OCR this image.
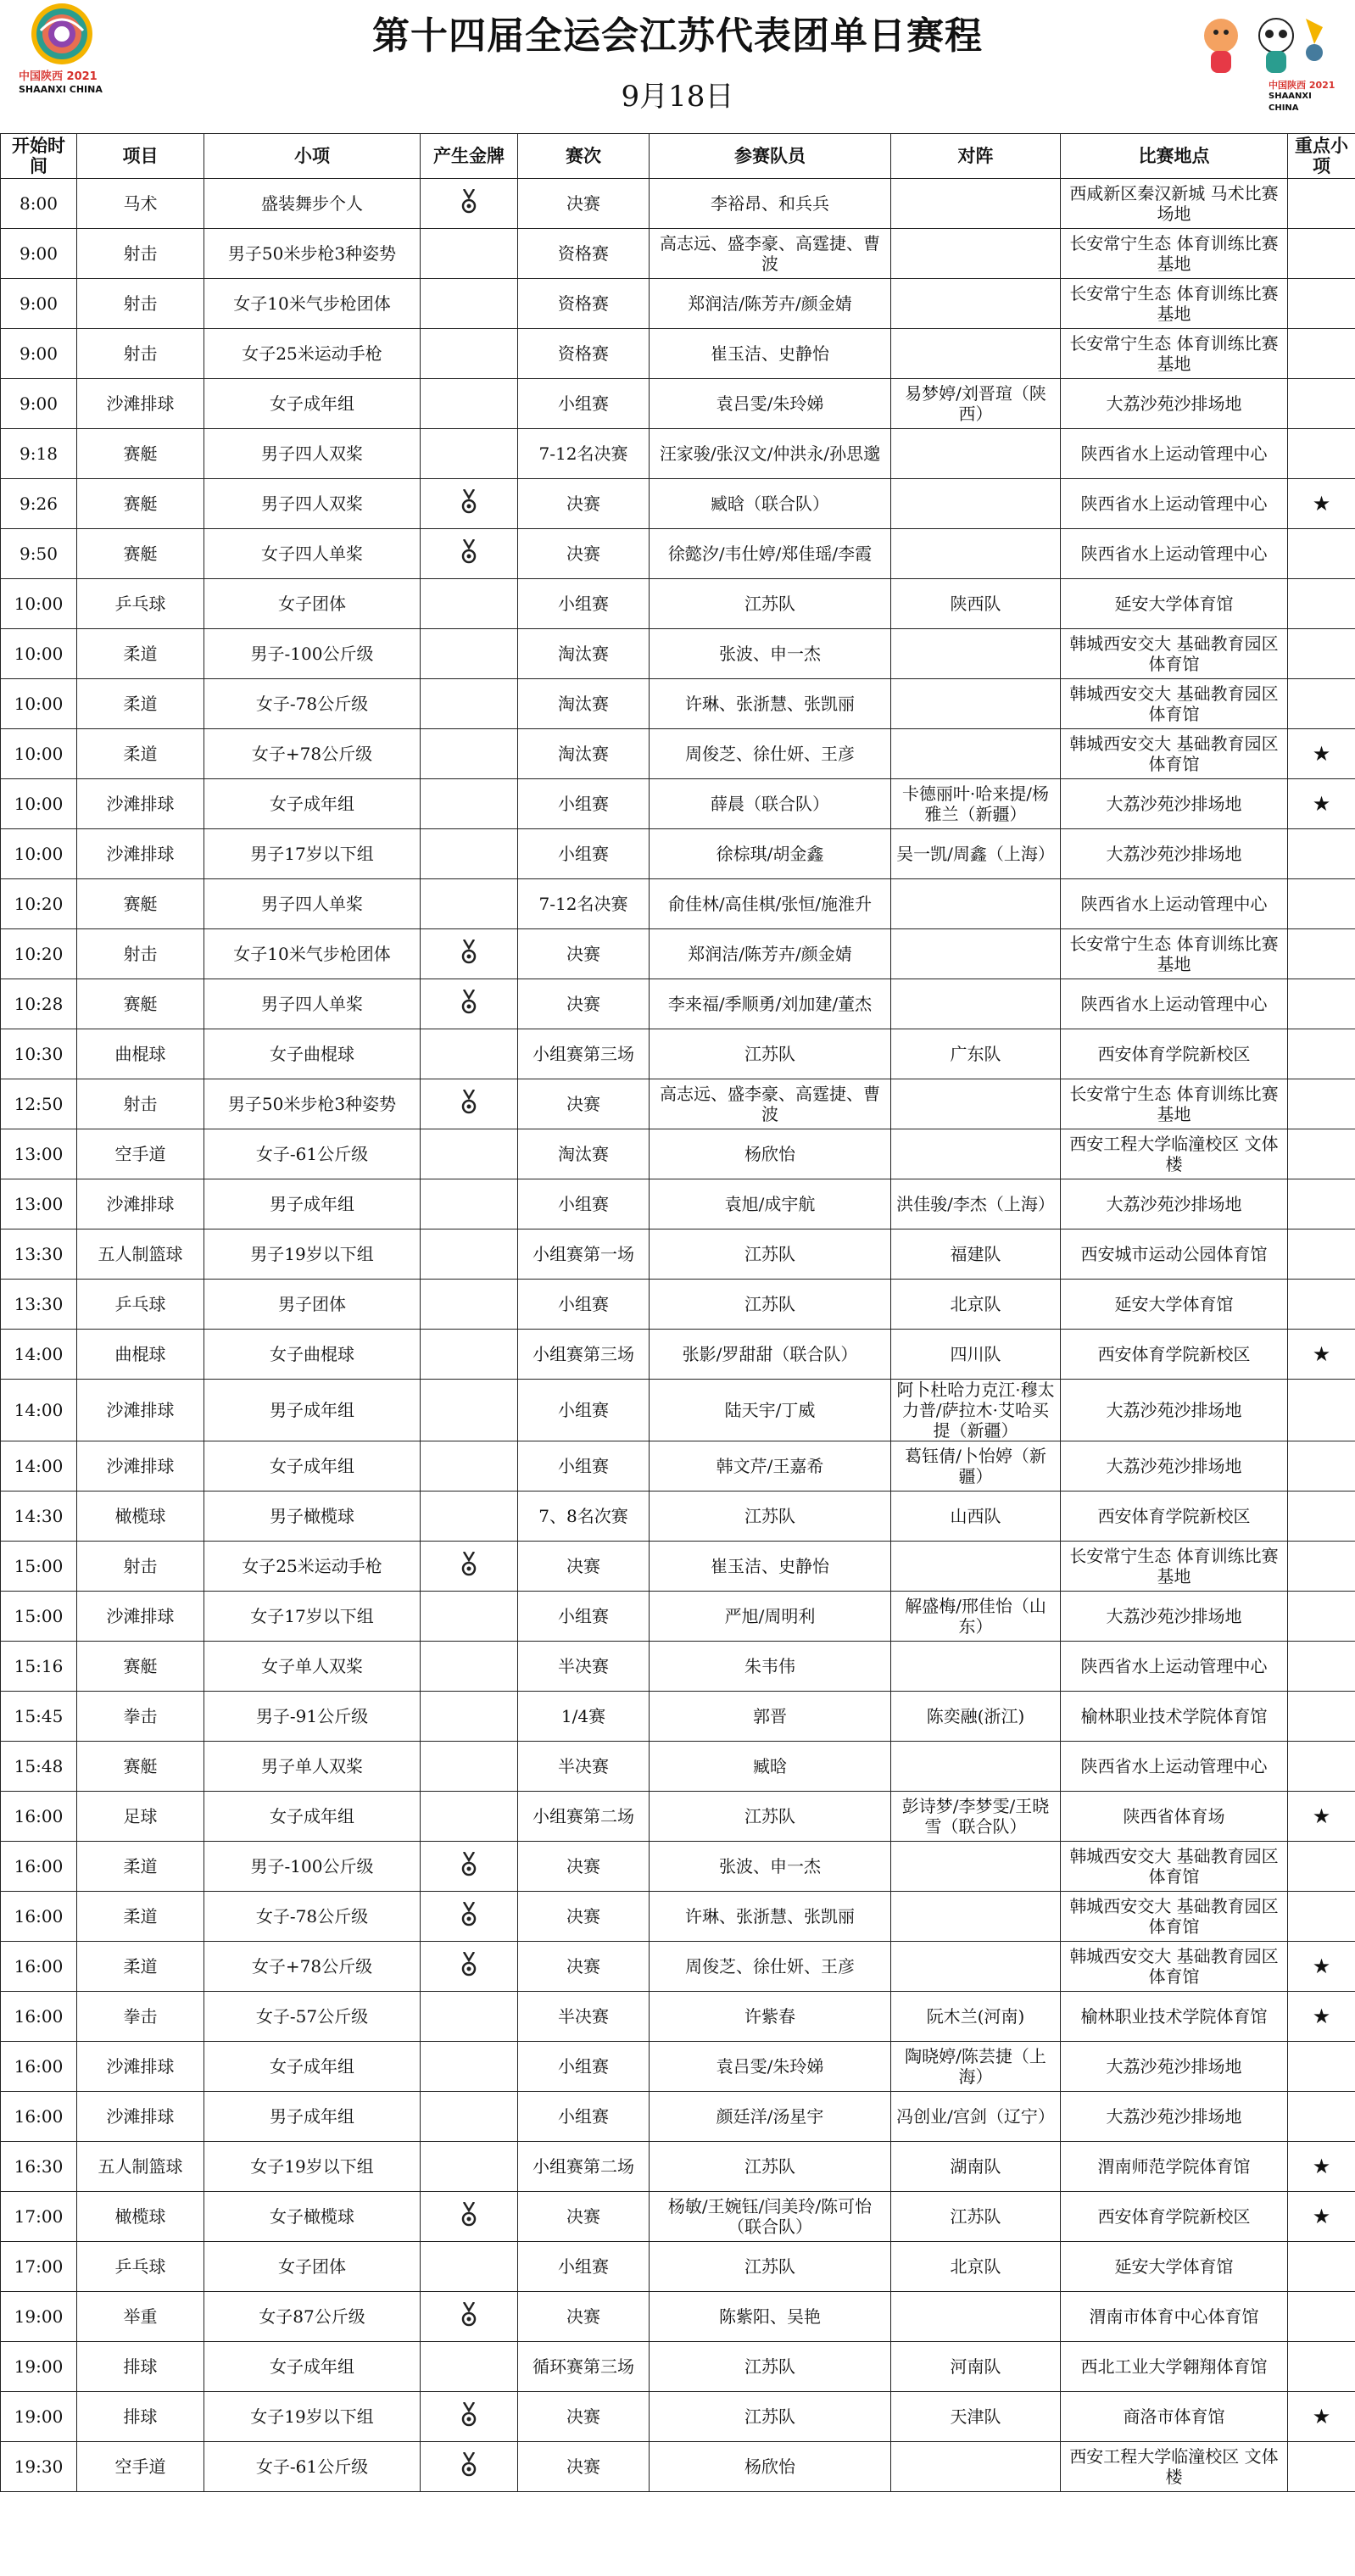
中国陕西 2021
SHAANXI CHINA
第十四届全运会江苏代表团单日赛程
9月18日	中国陕西 2021
SHAANXI CHINA
开始时间	项目	小项	产生金牌	赛次	参赛队员	对阵	比赛地点	重点小项
8:00	马术	盛装舞步个人		决赛	李裕昂、和兵兵		西咸新区秦汉新城 马术比赛场地	
9:00	射击	男子50米步枪3种姿势		资格赛	高志远、盛李豪、高霆捷、曹波		长安常宁生态 体育训练比赛基地	
9:00	射击	女子10米气步枪团体		资格赛	郑润洁/陈芳卉/颜金婧		长安常宁生态 体育训练比赛基地	
9:00	射击	女子25米运动手枪		资格赛	崔玉洁、史静怡		长安常宁生态 体育训练比赛基地	
9:00	沙滩排球	女子成年组		小组赛	袁吕雯/朱玲娣	易梦婷/刘晋瑄（陕西）	大荔沙苑沙排场地	
9:18	赛艇	男子四人双桨		7-12名决赛	汪家骏/张汉文/仲洪永/孙思邈		陕西省水上运动管理中心	
9:26	赛艇	男子四人双桨		决赛	臧晗（联合队）		陕西省水上运动管理中心	★
9:50	赛艇	女子四人单桨		决赛	徐懿汐/韦仕婷/郑佳瑶/李霞		陕西省水上运动管理中心	
10:00	乒乓球	女子团体		小组赛	江苏队	陕西队	延安大学体育馆	
10:00	柔道	男子-100公斤级		淘汰赛	张波、申一杰		韩城西安交大 基础教育园区体育馆	
10:00	柔道	女子-78公斤级		淘汰赛	许琳、张浙慧、张凯丽		韩城西安交大 基础教育园区体育馆	
10:00	柔道	女子+78公斤级		淘汰赛	周俊芝、徐仕妍、王彦		韩城西安交大 基础教育园区体育馆	★
10:00	沙滩排球	女子成年组		小组赛	薛晨（联合队）	卡德丽叶·哈来提/杨雅兰（新疆）	大荔沙苑沙排场地	★
10:00	沙滩排球	男子17岁以下组		小组赛	徐棕琪/胡金鑫	吴一凯/周鑫（上海）	大荔沙苑沙排场地	
10:20	赛艇	男子四人单桨		7-12名决赛	俞佳林/高佳棋/张恒/施淮升		陕西省水上运动管理中心	
10:20	射击	女子10米气步枪团体		决赛	郑润洁/陈芳卉/颜金婧		长安常宁生态 体育训练比赛基地	
10:28	赛艇	男子四人单桨		决赛	李来福/季顺勇/刘加建/董杰		陕西省水上运动管理中心	
10:30	曲棍球	女子曲棍球		小组赛第三场	江苏队	广东队	西安体育学院新校区	
12:50	射击	男子50米步枪3种姿势		决赛	高志远、盛李豪、高霆捷、曹波		长安常宁生态 体育训练比赛基地	
13:00	空手道	女子-61公斤级		淘汰赛	杨欣怡		西安工程大学临潼校区 文体楼	
13:00	沙滩排球	男子成年组		小组赛	袁旭/成宇航	洪佳骏/李杰（上海）	大荔沙苑沙排场地	
13:30	五人制篮球	男子19岁以下组		小组赛第一场	江苏队	福建队	西安城市运动公园体育馆	
13:30	乒乓球	男子团体		小组赛	江苏队	北京队	延安大学体育馆	
14:00	曲棍球	女子曲棍球		小组赛第三场	张影/罗甜甜（联合队）	四川队	西安体育学院新校区	★
14:00	沙滩排球	男子成年组		小组赛	陆天宇/丁威	阿卜杜哈力克江·穆太力普/萨拉木·艾哈买提（新疆）	大荔沙苑沙排场地	
14:00	沙滩排球	女子成年组		小组赛	韩文芹/王嘉希	葛钰倩/卜怡婷（新疆）	大荔沙苑沙排场地	
14:30	橄榄球	男子橄榄球		7、8名次赛	江苏队	山西队	西安体育学院新校区	
15:00	射击	女子25米运动手枪		决赛	崔玉洁、史静怡		长安常宁生态 体育训练比赛基地	
15:00	沙滩排球	女子17岁以下组		小组赛	严旭/周明利	解盛梅/邢佳怡（山东）	大荔沙苑沙排场地	
15:16	赛艇	女子单人双桨		半决赛	朱韦伟		陕西省水上运动管理中心	
15:45	拳击	男子-91公斤级		1/4赛	郭晋	陈奕融(浙江)	榆林职业技术学院体育馆	
15:48	赛艇	男子单人双桨		半决赛	臧晗		陕西省水上运动管理中心	
16:00	足球	女子成年组		小组赛第二场	江苏队	彭诗梦/李梦雯/王晓雪（联合队）	陕西省体育场	★
16:00	柔道	男子-100公斤级		决赛	张波、申一杰		韩城西安交大 基础教育园区体育馆	
16:00	柔道	女子-78公斤级		决赛	许琳、张浙慧、张凯丽		韩城西安交大 基础教育园区体育馆	
16:00	柔道	女子+78公斤级		决赛	周俊芝、徐仕妍、王彦		韩城西安交大 基础教育园区体育馆	★
16:00	拳击	女子-57公斤级		半决赛	许紫春	阮木兰(河南)	榆林职业技术学院体育馆	★
16:00	沙滩排球	女子成年组		小组赛	袁吕雯/朱玲娣	陶晓婷/陈芸捷（上海）	大荔沙苑沙排场地	
16:00	沙滩排球	男子成年组		小组赛	颜廷洋/汤星宇	冯创业/宫剑（辽宁）	大荔沙苑沙排场地	
16:30	五人制篮球	女子19岁以下组		小组赛第二场	江苏队	湖南队	渭南师范学院体育馆	★
17:00	橄榄球	女子橄榄球		决赛	杨敏/王婉钰/闫美玲/陈可怡（联合队）	江苏队	西安体育学院新校区	★
17:00	乒乓球	女子团体		小组赛	江苏队	北京队	延安大学体育馆	
19:00	举重	女子87公斤级		决赛	陈紫阳、吴艳		渭南市体育中心体育馆	
19:00	排球	女子成年组		循环赛第三场	江苏队	河南队	西北工业大学翱翔体育馆	
19:00	排球	女子19岁以下组		决赛	江苏队	天津队	商洛市体育馆	★
19:30	空手道	女子-61公斤级		决赛	杨欣怡		西安工程大学临潼校区 文体楼	
